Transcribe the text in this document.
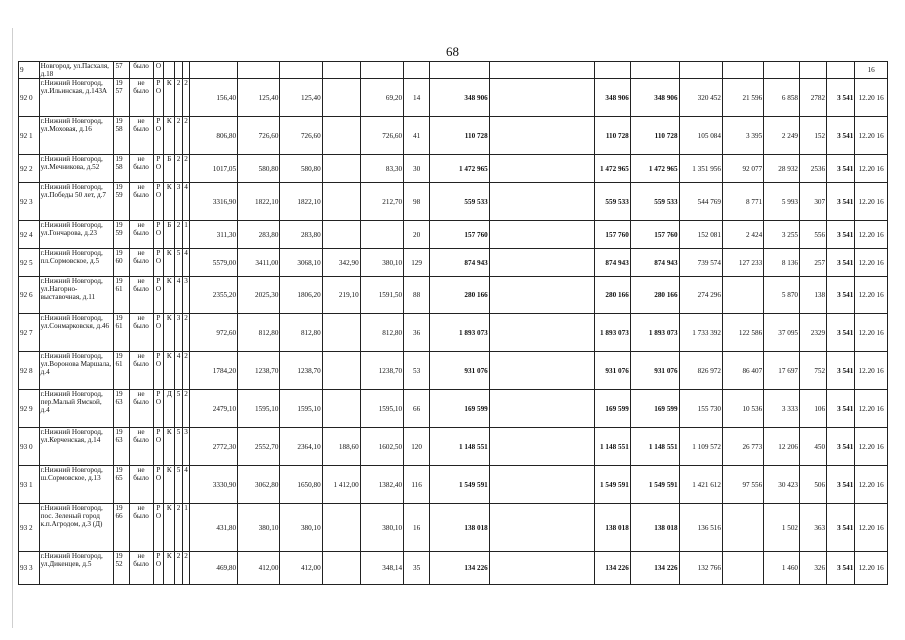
68
9	Новгород, ул.Пасхаля, д.18	57	было	О																			16
92 0	г.Нижний Новгород, ул.Ильинская, д.143А	19 57	не было	Р О	К	2	2	156,40	125,40	125,40		69,20	14	348 906		348 906	348 906	320 452	21 596	6 858	2782	3 541	12.20 16
92 1	г.Нижний Новгород, ул.Моховая, д.16	19 58	не было	Р О	К	2	2	806,80	726,60	726,60		726,60	41	110 728		110 728	110 728	105 084	3 395	2 249	152	3 541	12.20 16
92 2	г.Нижний Новгород, ул.Мечникова, д.52	19 58	не было	Р О	Б	2	2	1017,05	580,80	580,80		83,30	30	1 472 965		1 472 965	1 472 965	1 351 956	92 077	28 932	2536	3 541	12.20 16
92 3	г.Нижний Новгород, ул.Победы 50 лет, д.7	19 59	не было	Р О	К	3	4	3316,90	1822,10	1822,10		212,70	98	559 533		559 533	559 533	544 769	8 771	5 993	307	3 541	12.20 16
92 4	г.Нижний Новгород, ул.Гончарова, д.23	19 59	не было	Р О	Б	2	1	311,30	283,80	283,80			20	157 760		157 760	157 760	152 081	2 424	3 255	556	3 541	12.20 16
92 5	г.Нижний Новгород, пл.Сормовское, д.5	19 60	не было	Р О	К	5	4	5579,00	3411,00	3068,10	342,90	380,10	129	874 943		874 943	874 943	739 574	127 233	8 136	257	3 541	12.20 16
92 6	г.Нижний Новгород, ул.Нагорно-выставочная, д.11	19 61	не было	Р О	К	4	3	2355,20	2025,30	1806,20	219,10	1591,50	88	280 166		280 166	280 166	274 296		5 870	138	3 541	12.20 16
92 7	г.Нижний Новгород, ул.Сонмарковскя, д.46	19 61	не было	Р О	К	3	2	972,60	812,80	812,80		812,80	36	1 893 073		1 893 073	1 893 073	1 733 392	122 586	37 095	2329	3 541	12.20 16
92 8	г.Нижний Новгород, ул.Воронова Маршала, д.4	19 61	не было	Р О	К	4	2	1784,20	1238,70	1238,70		1238,70	53	931 076		931 076	931 076	826 972	86 407	17 697	752	3 541	12.20 16
92 9	г.Нижний Новгород, пер.Малый Ямской, д.4	19 63	не было	Р О	Д	5	2	2479,10	1595,10	1595,10		1595,10	66	169 599		169 599	169 599	155 730	10 536	3 333	106	3 541	12.20 16
93 0	г.Нижний Новгород, ул.Керченская, д.14	19 63	не было	Р О	К	5	3	2772,30	2552,70	2364,10	188,60	1602,50	120	1 148 551		1 148 551	1 148 551	1 109 572	26 773	12 206	450	3 541	12.20 16
93 1	г.Нижний Новгород, ш.Сормовское, д.13	19 65	не было	Р О	К	5	4	3330,90	3062,80	1650,80	1 412,00	1382,40	116	1 549 591		1 549 591	1 549 591	1 421 612	97 556	30 423	506	3 541	12.20 16
93 2	г.Нижний Новгород, пос. Зеленый город к.п.Агродом, д.3 (Д)	19 66	не было	Р О	К	2	1	431,80	380,10	380,10		380,10	16	138 018		138 018	138 018	136 516		1 502	363	3 541	12.20 16
93 3	г.Нижний Новгород, ул.Дикенцев, д.5	19 52	не было	Р О	К	2	2	469,80	412,00	412,00		348,14	35	134 226		134 226	134 226	132 766		1 460	326	3 541	12.20 16
